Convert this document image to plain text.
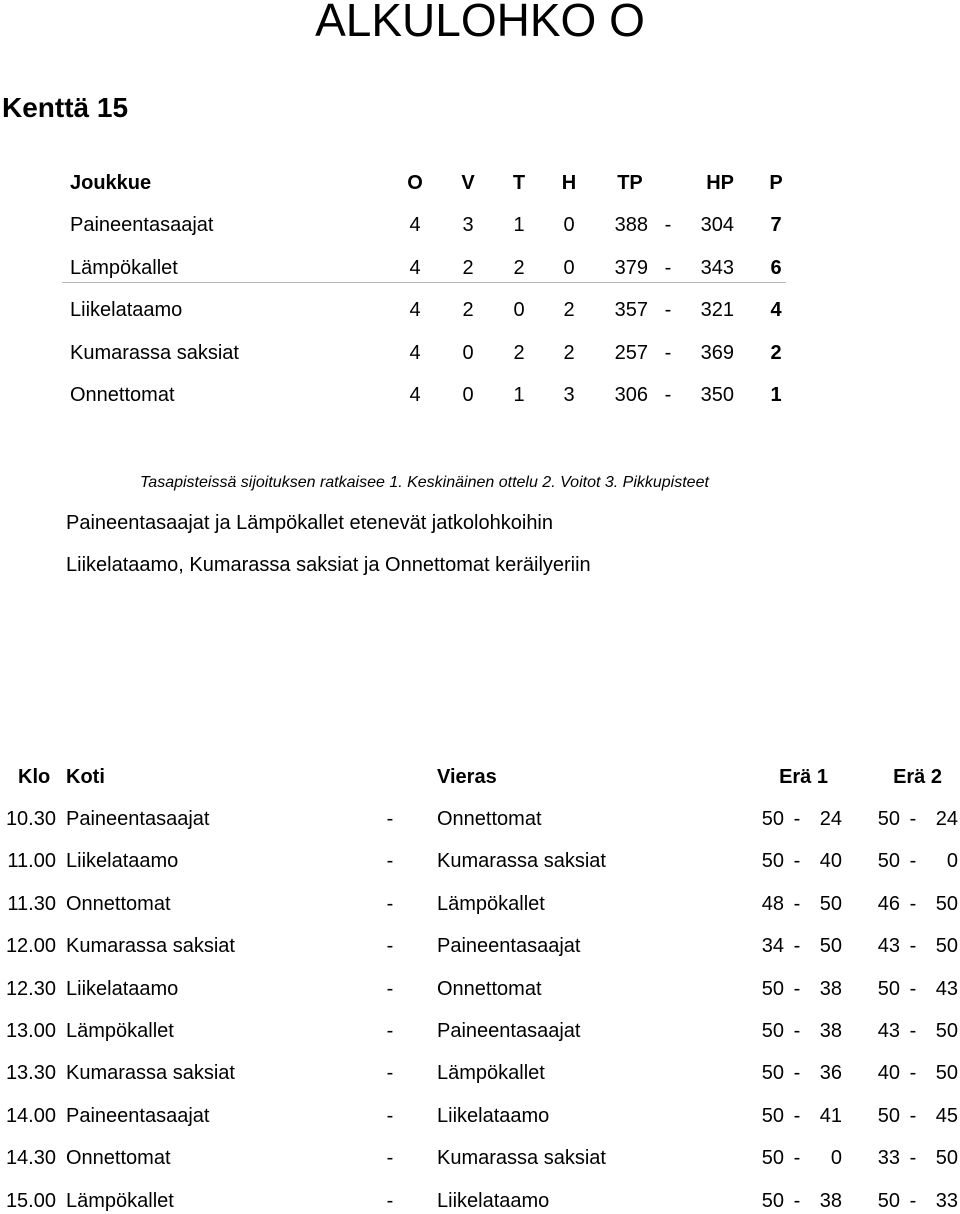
ALKULOHKO O
Kenttä 15
Joukkue	O V T H	TP	HP P
Paineentasaajat	4 3 1 0	388 -	304 7
Lämpökallet	4 2 2 0	379 -	343 6
Liikelataamo	4 2 0 2	357 -	321 4
Kumarassa saksiat	4 0 2 2	257 -	369 2
Onnettomat	4 0 1 3	306 -	350 1
Tasapisteissä sijoituksen ratkaisee 1. Keskinäinen ottelu 2. Voitot 3. Pikkupisteet
Paineentasaajat ja Lämpökallet etenevät jatkolohkoihin
Liikelataamo, Kumarassa saksiat ja Onnettomat keräilyeriin
Klo Koti	Vieras	Erä 1	Erä 2
10.30 Paineentasaajat	- Onnettomat	50 - 24 50 - 24
11.00 Liikelataamo	- Kumarassa saksiat	50 - 40 50 -	0
11.30 Onnettomat	- Lämpökallet	48 - 50 46 - 50
12.00 Kumarassa saksiat	- Paineentasaajat	34 - 50 43 - 50
12.30 Liikelataamo	- Onnettomat	50 - 38 50 - 43
13.00 Lämpökallet	- Paineentasaajat	50 - 38 43 - 50
13.30 Kumarassa saksiat	- Lämpökallet	50 - 36 40 - 50
14.00 Paineentasaajat	- Liikelataamo	50 - 41 50 - 45
14.30 Onnettomat	- Kumarassa saksiat	50 -	0 33 - 50
15.00 Lämpökallet	- Liikelataamo	50 - 38 50 - 33
